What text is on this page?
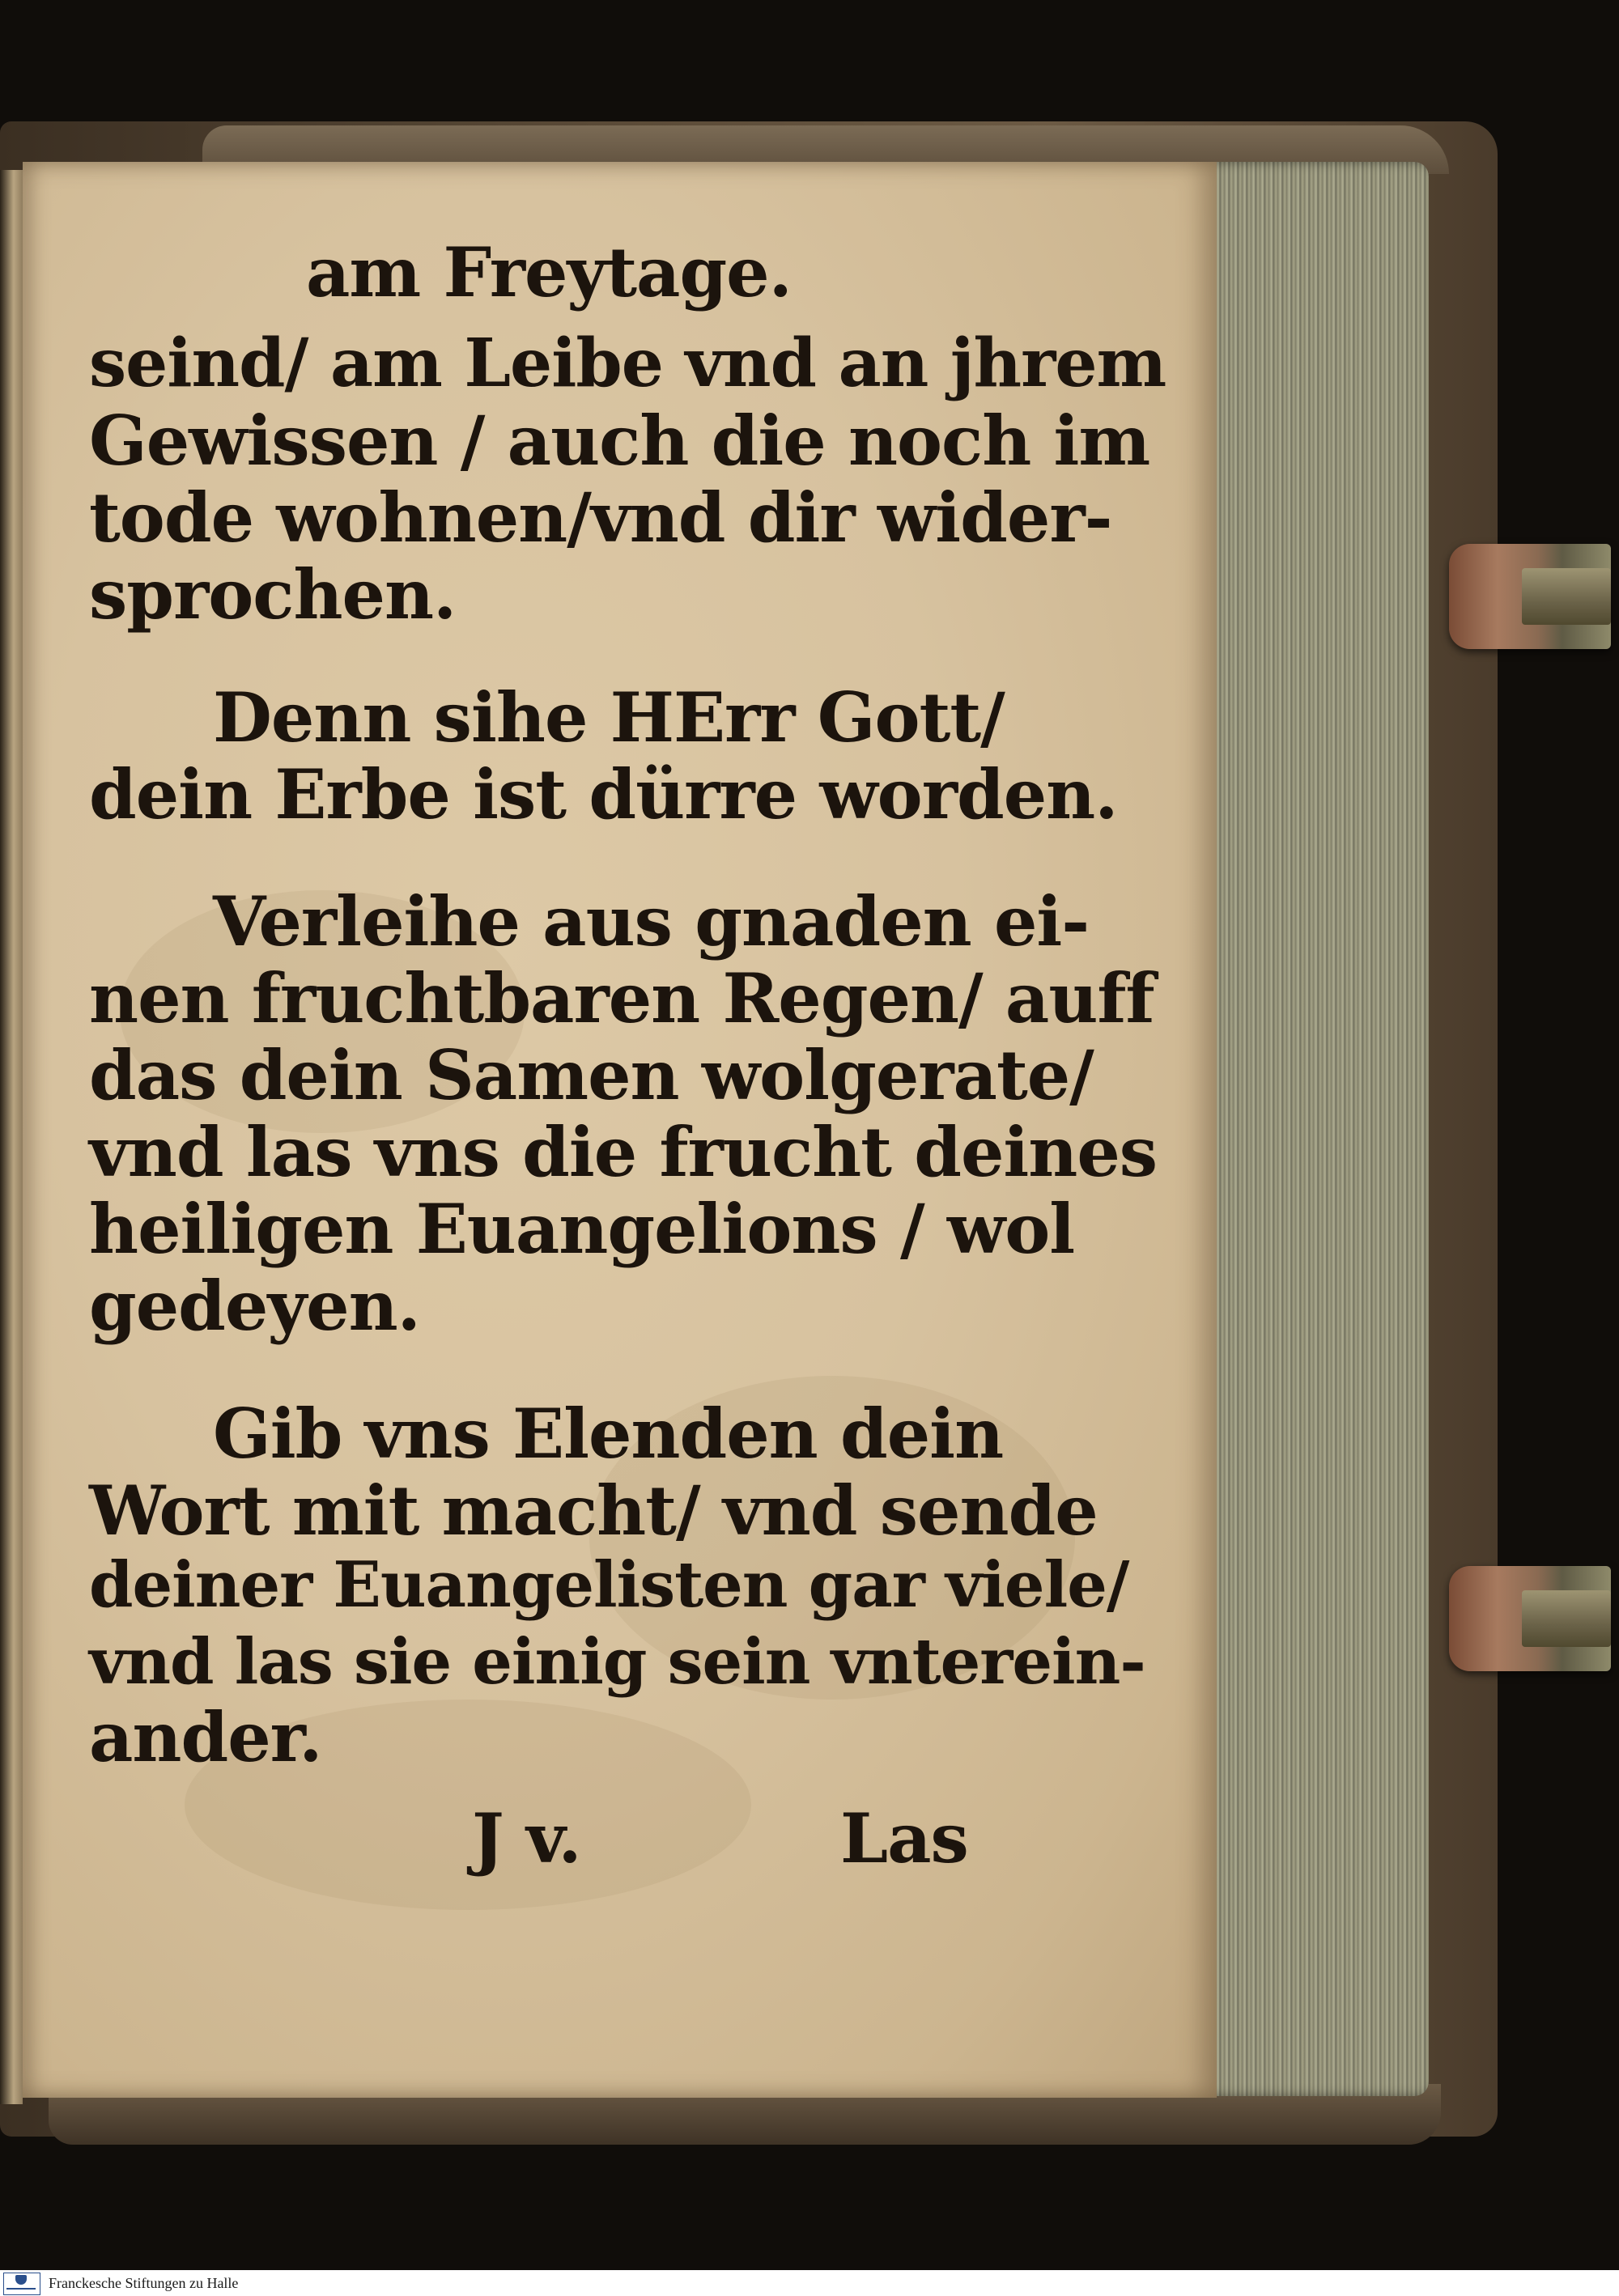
am Freytage.

seind/ am Leibe vnd an jhrem

Gewissen / auch die noch im

tode wohnen/vnd dir wider-

sprochen.

Denn sihe HErr Gott/

dein Erbe ist dürre worden.

Verleihe aus gnaden ei-

nen fruchtbaren Regen/ auff

das dein Samen wolgerate/

vnd las vns die frucht deines

heiligen Euangelions / wol

gedeyen.

Gib vns Elenden dein

Wort mit macht/ vnd sende

deiner Euangelisten gar viele/

vnd las sie einig sein vnterein-

ander.

J v.	Las

Franckesche Stiftungen zu Halle
